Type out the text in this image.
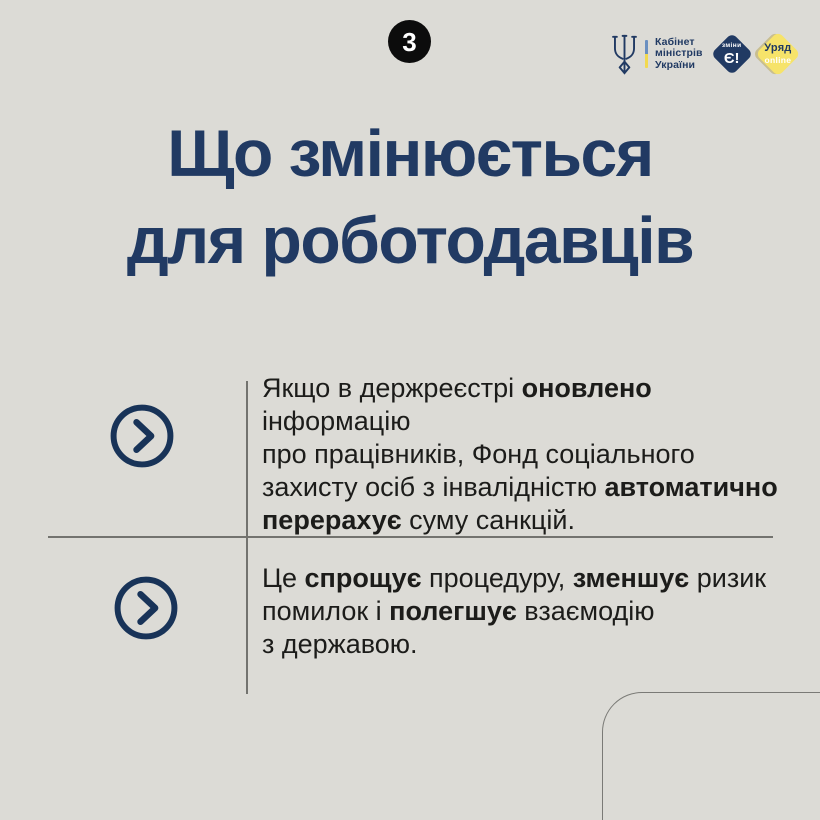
3	Кабінет
міністрів
України
зміни
Є!
Уряд
online
Що змінюється
для роботодавців
Якщо в держреєстрі оновлено інформацію
про працівників, Фонд соціального
захисту осіб з інвалідністю автоматично
перерахує суму санкцій.
Це спрощує процедуру, зменшує ризик
помилок і полегшує взаємодію
з державою.
